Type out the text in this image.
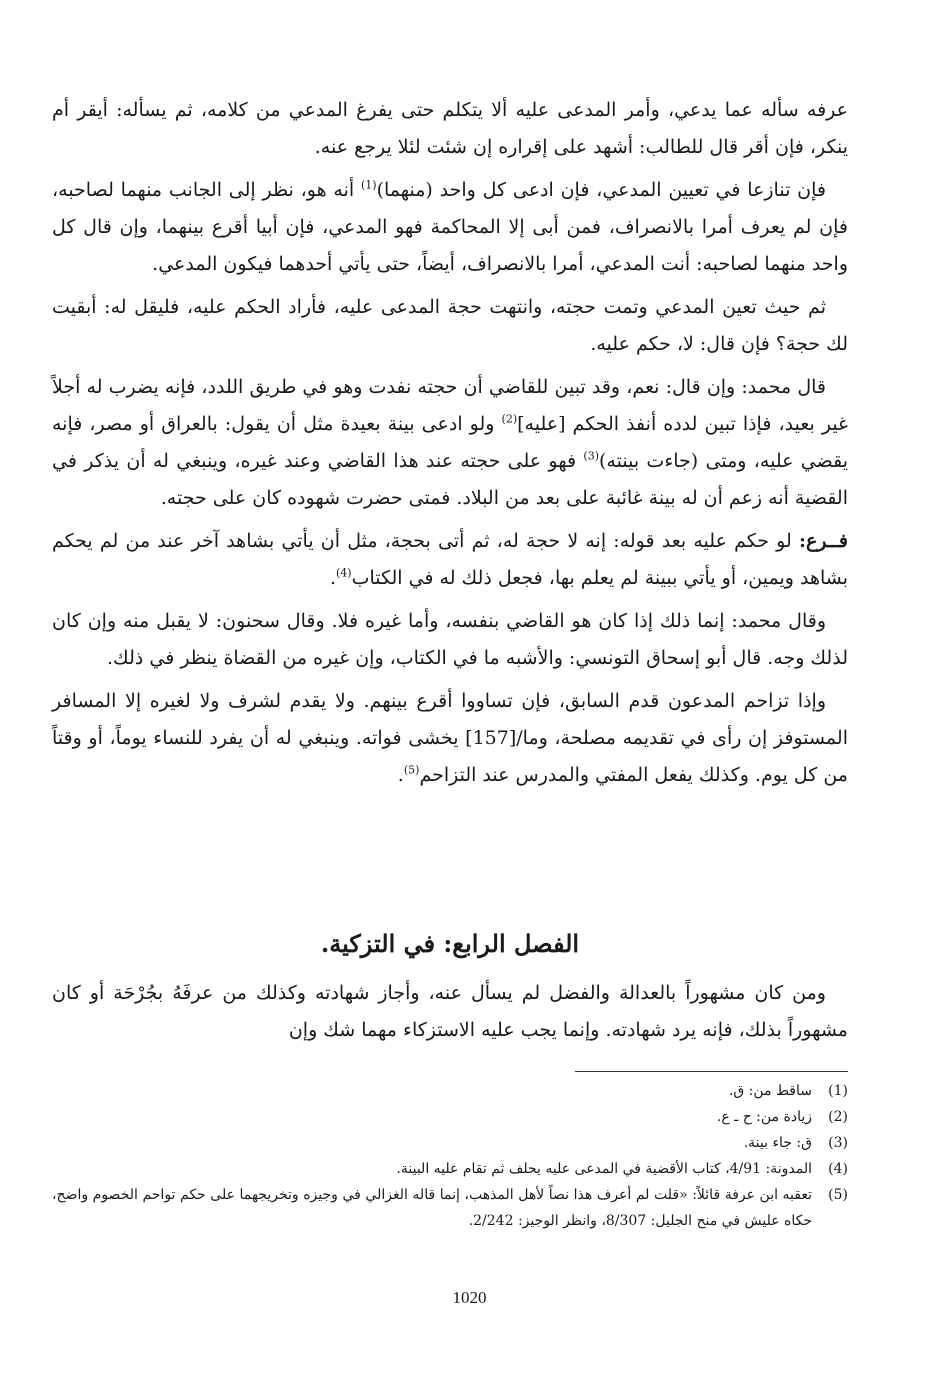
عرفه سأله عما يدعي، وأمر المدعى عليه ألا يتكلم حتى يفرغ المدعي من كلامه، ثم يسأله: أيقر أم ينكر، فإن أقر قال للطالب: أشهد على إقراره إن شئت لئلا يرجع عنه.

فإن تنازعا في تعيين المدعي، فإن ادعى كل واحد (منهما)$^{(1)}$ أنه هو، نظر إلى الجانب منهما لصاحبه، فإن لم يعرف أمرا بالانصراف، فمن أبى إلا المحاكمة فهو المدعي، فإن أبيا أقرع بينهما، وإن قال كل واحد منهما لصاحبه: أنت المدعي، أمرا بالانصراف، أيضاً، حتى يأتي أحدهما فيكون المدعي.

ثم حيث تعين المدعي وتمت حجته، وانتهت حجة المدعى عليه، فأراد الحكم عليه، فليقل له: أبقيت لك حجة؟ فإن قال: لا، حكم عليه.

قال محمد: وإن قال: نعم، وقد تبين للقاضي أن حجته نفدت وهو في طريق اللدد، فإنه يضرب له أجلاً غير بعيد، فإذا تبين لدده أنفذ الحكم [عليه]$^{(2)}$ ولو ادعى بينة بعيدة مثل أن يقول: بالعراق أو مصر، فإنه يقضي عليه، ومتى (جاءت بينته)$^{(3)}$ فهو على حجته عند هذا القاضي وعند غيره، وينبغي له أن يذكر في القضية أنه زعم أن له بينة غائبة على بعد من البلاد. فمتى حضرت شهوده كان على حجته.

فــرع: لو حكم عليه بعد قوله: إنه لا حجة له، ثم أتى بحجة، مثل أن يأتي بشاهد آخر عند من لم يحكم بشاهد ويمين، أو يأتي ببينة لم يعلم بها، فجعل ذلك له في الكتاب$^{(4)}$.

وقال محمد: إنما ذلك إذا كان هو القاضي بنفسه، وأما غيره فلا. وقال سحنون: لا يقبل منه وإن كان لذلك وجه. قال أبو إسحاق التونسي: والأشبه ما في الكتاب، وإن غيره من القضاة ينظر في ذلك.

وإذا تزاحم المدعون قدم السابق، فإن تساووا أقرع بينهم. ولا يقدم لشرف ولا لغيره إلا المسافر المستوفز إن رأى في تقديمه مصلحة، وما/[157] يخشى فواته. وينبغي له أن يفرد للنساء يوماً، أو وقتاً من كل يوم. وكذلك يفعل المفتي والمدرس عند التزاحم$^{(5)}$.

الفصل الرابع: في التزكية.

ومن كان مشهوراً بالعدالة والفضل لم يسأل عنه، وأجاز شهادته وكذلك من عرفَهُ بجُرْحَة أو كان مشهوراً بذلك، فإنه يرد شهادته. وإنما يجب عليه الاستزكاء مهما شك وإن

(1)
ساقط من: ق.
(2)
زيادة من: ح ـ ع.
(3)
ق: جاء بينة.
(4)
المدونة: 4/91، كتاب الأقضية في المدعى عليه يحلف ثم تقام عليه البينة.
(5)
تعقبه ابن عرفة قائلاً: «قلت لم أعرف هذا نصاً لأهل المذهب، إنما قاله الغزالي في وجيزه وتخريجهما على حكم تواحم الخصوم واضح، حكاه عليش في منح الجليل: 8/307، وانظر الوجيز: 2/242.
1020
